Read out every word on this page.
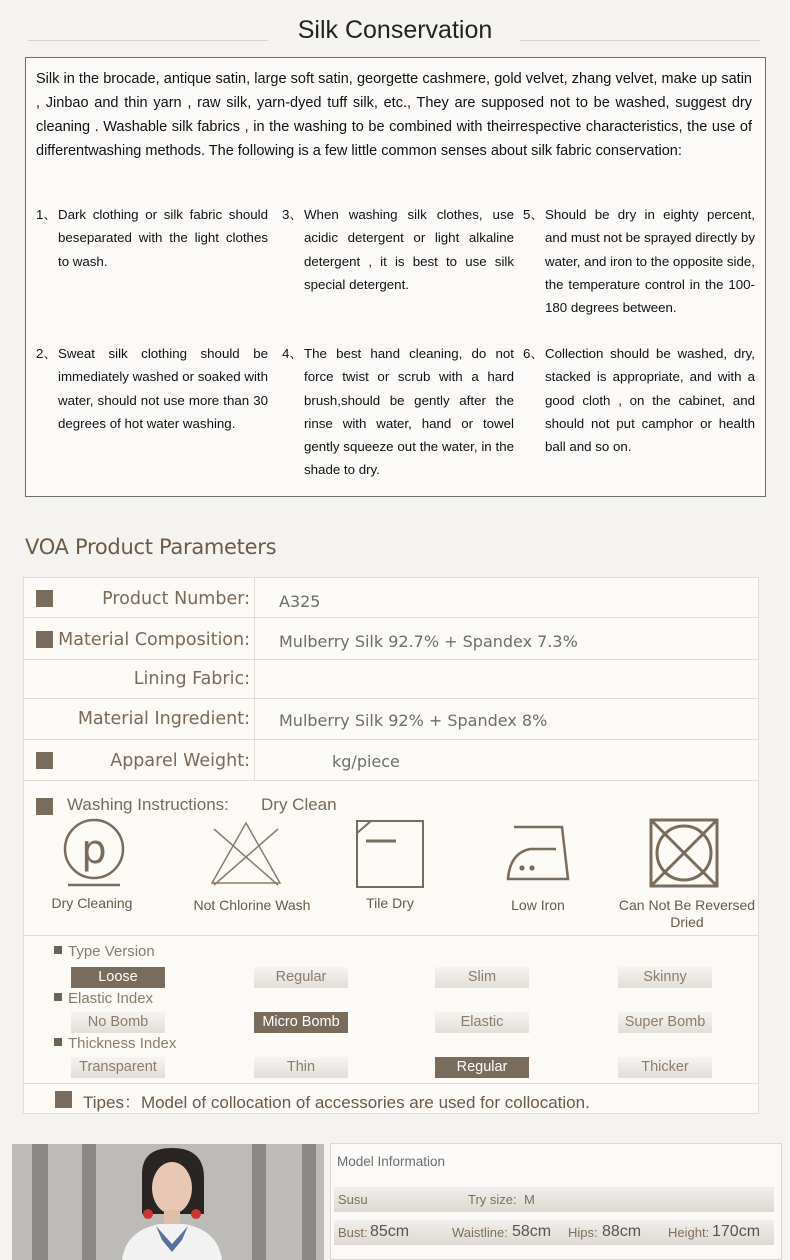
Silk Conservation

Silk in the brocade, antique satin, large soft satin, georgette cashmere, gold velvet, zhang velvet, make up satin , Jinbao and thin yarn , raw silk, yarn-dyed tuff silk, etc., They are supposed not to be washed, suggest dry cleaning . Washable silk fabrics , in the washing to be combined with theirrespective characteristics, the use of differentwashing methods. The following is a few little common senses about silk fabric conservation:

1、 Dark clothing or silk fabric should beseparated with the light clothes to wash.
2、 Sweat silk clothing should be immediately washed or soaked with water, should not use more than 30 degrees of hot water washing.
3、 When washing silk clothes, use acidic detergent or light alkaline detergent , it is best to use silk special detergent.
4、 The best hand cleaning, do not force twist or scrub with a hard brush,should be gently after the rinse with water, hand or towel gently squeeze out the water, in the shade to dry.
5、 Should be dry in eighty percent, and must not be sprayed directly by water, and iron to the opposite side, the temperature control in the 100-180 degrees between.
6、 Collection should be washed, dry, stacked is appropriate, and with a good cloth , on the cabinet, and should not put camphor or health ball and so on.
VOA Product Parameters
Product Number: A325
Material Composition: Mulberry Silk 92.7% + Spandex 7.3%
Lining Fabric:
Material Ingredient: Mulberry Silk 92% + Spandex 8%
Apparel Weight:	kg/piece
Washing Instructions: Dry Clean
p
Dry Cleaning	Not Chlorine Wash	Tile Dry	Low Iron	Can Not Be Reversed Dried
Type Version
Loose	Regular	Slim	Skinny
Elastic Index
No Bomb	Micro Bomb	Elastic	Super Bomb
Thickness Index
Transparent	Thin	Regular	Thicker
Tipes：Model of collocation of accessories are used for collocation.
Model Information
Susu	Try size: M
Bust: 85cm	Waistline: 58cm Hips: 88cm Height: 170cm
